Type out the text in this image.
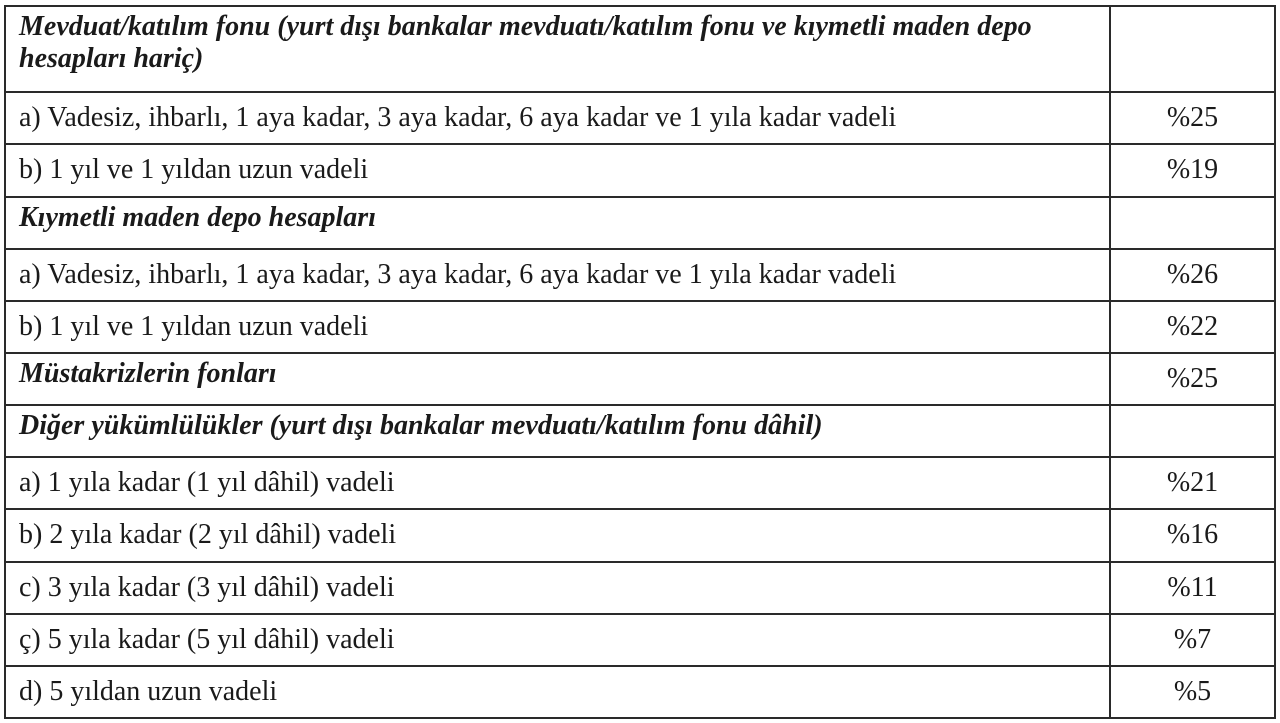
Mevduat/katılım fonu (yurt dışı bankalar mevduatı/katılım fonu ve kıymetli maden depo hesapları hariç)	
a) Vadesiz, ihbarlı, 1 aya kadar, 3 aya kadar, 6 aya kadar ve 1 yıla kadar vadeli	%25
b) 1 yıl ve 1 yıldan uzun vadeli	%19
Kıymetli maden depo hesapları	
a) Vadesiz, ihbarlı, 1 aya kadar, 3 aya kadar, 6 aya kadar ve 1 yıla kadar vadeli	%26
b) 1 yıl ve 1 yıldan uzun vadeli	%22
Müstakrizlerin fonları	%25
Diğer yükümlülükler (yurt dışı bankalar mevduatı/katılım fonu dâhil)	
a) 1 yıla kadar (1 yıl dâhil) vadeli	%21
b) 2 yıla kadar (2 yıl dâhil) vadeli	%16
c) 3 yıla kadar (3 yıl dâhil) vadeli	%11
ç) 5 yıla kadar (5 yıl dâhil) vadeli	%7
d) 5 yıldan uzun vadeli	%5
